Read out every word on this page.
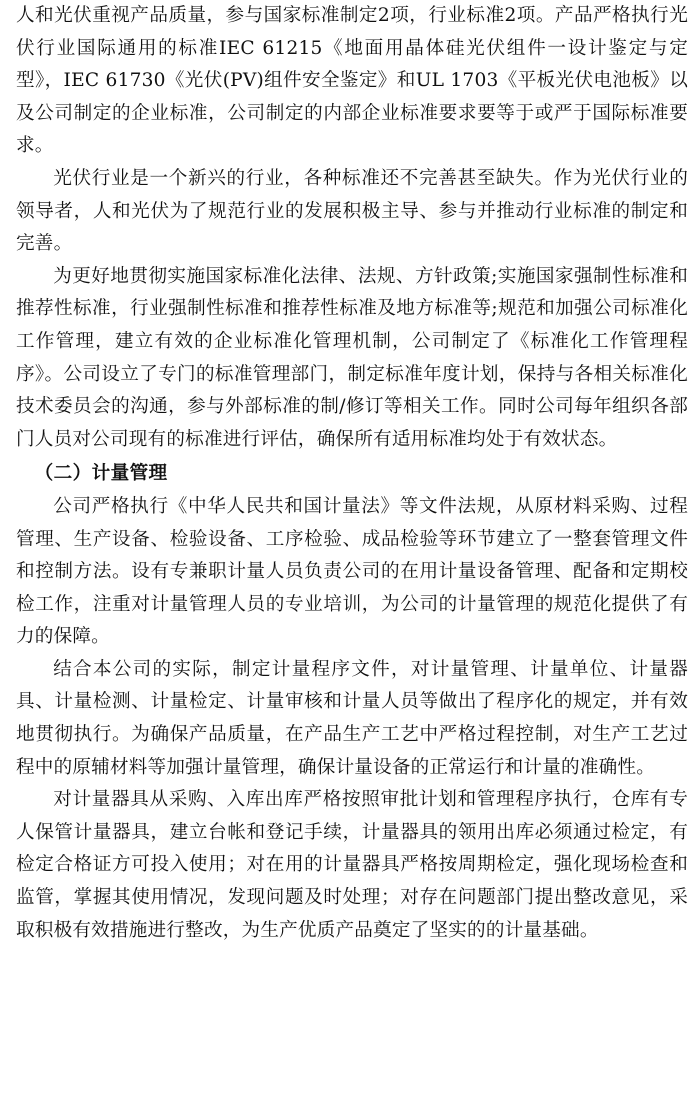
人和光伏重视产品质量，参与国家标准制定2项，行业标准2项。产品严格执行光伏行业国际通用的标准IEC 61215《地面用晶体硅光伏组件一设计鉴定与定型》，IEC 61730《光伏(PV)组件安全鉴定》和UL 1703《平板光伏电池板》以及公司制定的企业标准，公司制定的内部企业标准要求要等于或严于国际标准要求。

光伏行业是一个新兴的行业，各种标准还不完善甚至缺失。作为光伏行业的领导者，人和光伏为了规范行业的发展积极主导、参与并推动行业标准的制定和完善。

为更好地贯彻实施国家标准化法律、法规、方针政策;实施国家强制性标准和推荐性标准，行业强制性标准和推荐性标准及地方标准等;规范和加强公司标准化工作管理，建立有效的企业标准化管理机制，公司制定了《标准化工作管理程序》。公司设立了专门的标准管理部门，制定标准年度计划，保持与各相关标准化技术委员会的沟通，参与外部标准的制/修订等相关工作。同时公司每年组织各部门人员对公司现有的标准进行评估，确保所有适用标准均处于有效状态。

（二）计量管理

公司严格执行《中华人民共和国计量法》等文件法规，从原材料采购、过程管理、生产设备、检验设备、工序检验、成品检验等环节建立了一整套管理文件和控制方法。设有专兼职计量人员负责公司的在用计量设备管理、配备和定期校检工作，注重对计量管理人员的专业培训，为公司的计量管理的规范化提供了有力的保障。

结合本公司的实际，制定计量程序文件，对计量管理、计量单位、计量器具、计量检测、计量检定、计量审核和计量人员等做出了程序化的规定，并有效地贯彻执行。为确保产品质量，在产品生产工艺中严格过程控制，对生产工艺过程中的原辅材料等加强计量管理，确保计量设备的正常运行和计量的准确性。

对计量器具从采购、入库出库严格按照审批计划和管理程序执行，仓库有专人保管计量器具，建立台帐和登记手续，计量器具的领用出库必须通过检定，有检定合格证方可投入使用；对在用的计量器具严格按周期检定，强化现场检查和监管，掌握其使用情况，发现问题及时处理；对存在问题部门提出整改意见，采取积极有效措施进行整改，为生产优质产品奠定了坚实的的计量基础。
